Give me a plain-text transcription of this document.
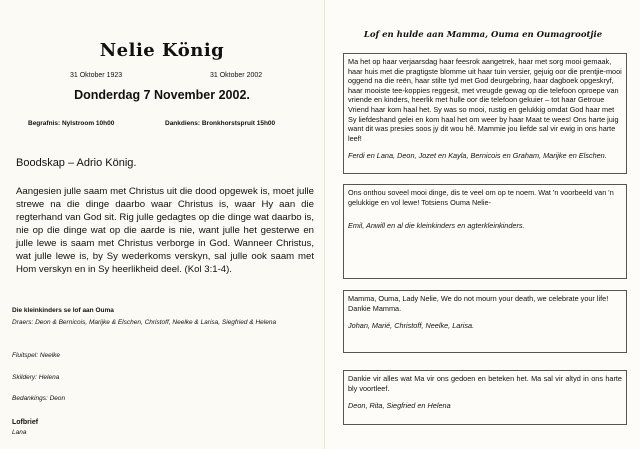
Nelie König
31 Oktober 1923	31 Oktober 2002
Donderdag 7 November 2002.
Begrafnis: Nylstroom 10h00	Dankdiens: Bronkhorstspruit 15h00
Boodskap – Adrio König.
Aangesien julle saam met Christus uit die dood opgewek is, moet julle strewe na die dinge daarbo waar Christus is, waar Hy aan die regterhand van God sit. Rig julle gedagtes op die dinge wat daarbo is, nie op die dinge wat op die aarde is nie, want julle het gesterwe en julle lewe is saam met Christus verborge in God. Wanneer Christus, wat julle lewe is, by Sy wederkoms verskyn, sal julle ook saam met Hom verskyn en in Sy heerlikheid deel. (Kol 3:1-4).
Die kleinkinders se lof aan Ouma
Draers: Deon & Bernicois, Marijke & Elschen, Christoff, Neelke & Larisa, Siegfried & Helena
Fluitspel: Neelke
Skildery: Helena
Bedankings: Deon
Lofbrief
Lana
Lof en hulde aan Mamma, Ouma en Oumagrootjie
Ma het op haar verjaarsdag haar feesrok aangetrek, haar met sorg mooi gemaak, haar huis met die pragtigste blomme uit haar tuin versier, gejuig oor die prentjie-mooi oggend na die reën, haar stilte tyd met God deurgebring, haar dagboek opgeskryf, haar mooiste tee-koppies reggesit, met vreugde gewag op die telefoon oproepe van vriende en kinders, heerlik met hulle oor die telefoon gekuier – tot haar Getroue Vriend haar kom haal het. Sy was so mooi, rustig en gelukkig omdat God haar met Sy liefdeshand gelei en kom haal het om weer by haar Maat te wees! Ons harte juig want dit was presies soos jy dit wou hê. Mammie jou liefde sal vir ewig in ons harte leef!
Ferdi en Lana, Deon, Jozet en Kayla, Bernicois en Graham, Marijke en Elschen.
Ons onthou soveel mooi dinge, dis te veel om op te noem. Wat 'n voorbeeld van 'n gelukkige en vol lewe! Totsiens Ouma Nelie-
Emil, Anwill en al die kleinkinders en agterkleinkinders.
Mamma, Ouma, Lady Nelie, We do not mourn your death, we celebrate your life! Dankie Mamma.
Johan, Marié, Christoff, Neelke, Larisa.
Dankie vir alles wat Ma vir ons gedoen en beteken het. Ma sal vir altyd in ons harte bly voortleef.
Deon, Rita, Siegfried en Helena
